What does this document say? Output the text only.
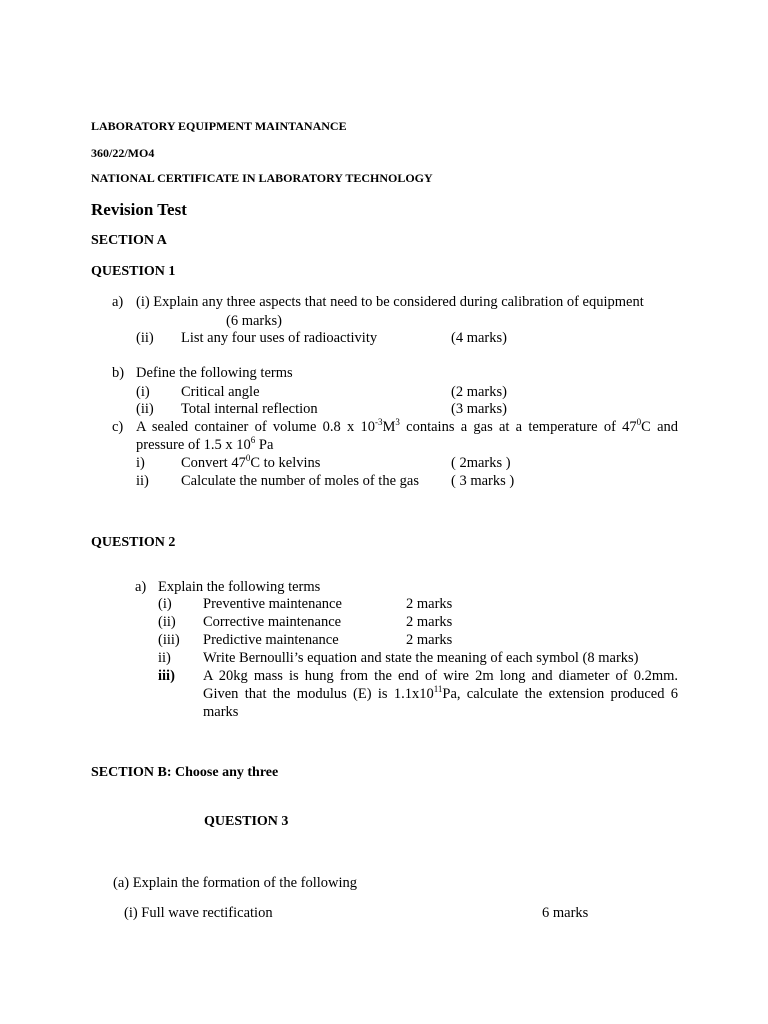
LABORATORY EQUIPMENT MAINTANANCE
360/22/MO4
NATIONAL CERTIFICATE IN LABORATORY TECHNOLOGY
Revision Test
SECTION A
QUESTION 1
a) (i) Explain any three aspects that need to be considered during calibration of equipment
(6 marks)
(ii) List any four uses of radioactivity	(4 marks)
b) Define the following terms
(i) Critical angle	(2 marks)
(ii) Total internal reflection	(3 marks)
c) A sealed container of volume 0.8 x $10^{-3}M^3$ contains a gas at a temperature of $47^0C$ and
pressure of 1.5 x $10^6$ Pa
i) Convert $47^0C$ to kelvins	( 2marks )
ii) Calculate the number of moles of the gas ( 3 marks )
QUESTION 2
a) Explain the following terms
(i) Preventive maintenance	2 marks
(ii) Corrective maintenance	2 marks
(iii) Predictive maintenance	2 marks
ii) Write Bernoulli’s equation and state the meaning of each symbol (8 marks)
iii) A 20kg mass is hung from the end of wire 2m long and diameter of 0.2mm.
Given that the modulus (E) is $1.1x10^{11}Pa$, calculate the extension produced 6
marks
SECTION B: Choose any three
QUESTION 3
(a) Explain the formation of the following
(i) Full wave rectification	6 marks
